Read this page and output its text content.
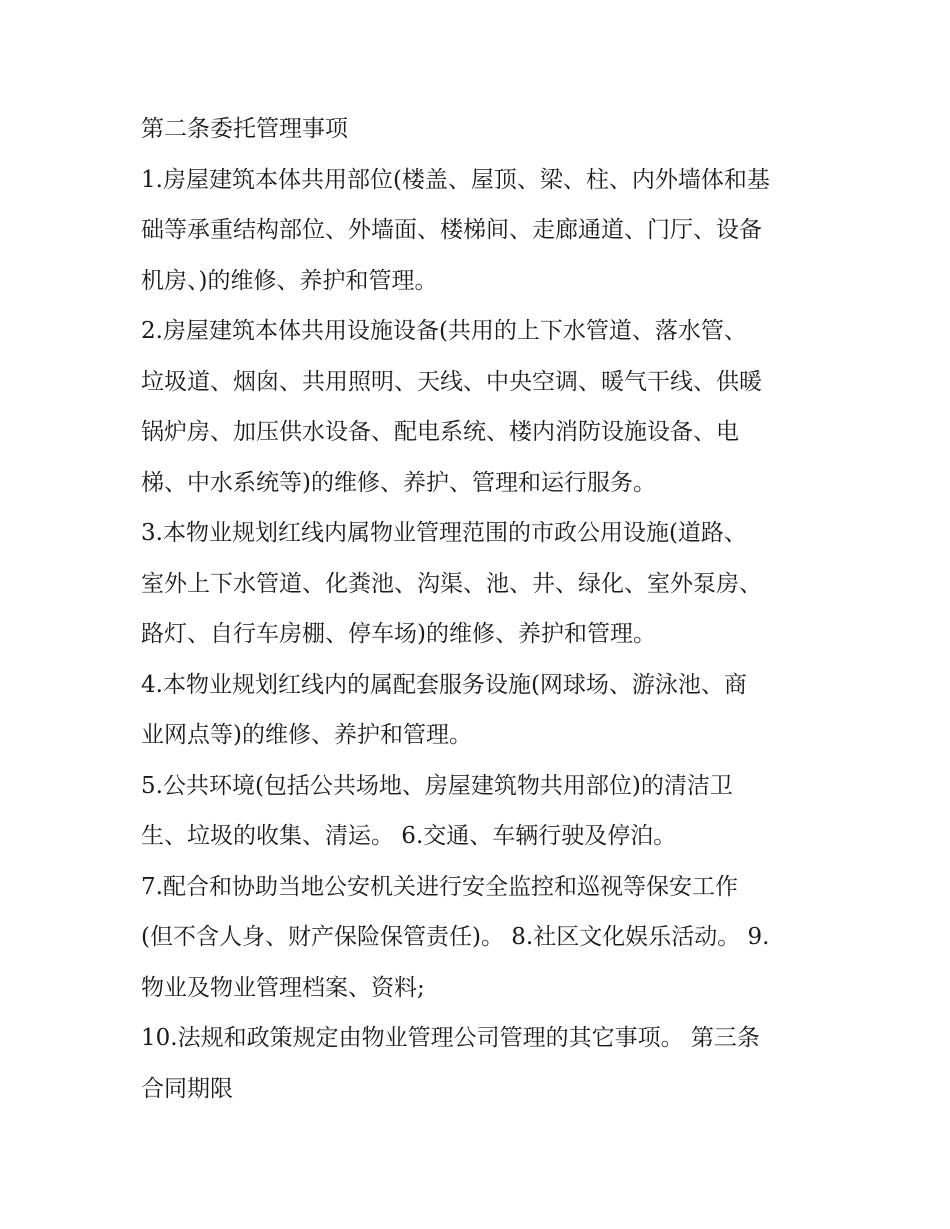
第二条委托管理事项
1.房屋建筑本体共用部位(楼盖、屋顶、梁、柱、内外墙体和基
础等承重结构部位、外墙面、楼梯间、走廊通道、门厅、设备
机房、)的维修、养护和管理。
2.房屋建筑本体共用设施设备(共用的上下水管道、落水管、
垃圾道、烟囱、共用照明、天线、中央空调、暖气干线、供暖
锅炉房、加压供水设备、配电系统、楼内消防设施设备、电
梯、中水系统等)的维修、养护、管理和运行服务。
3.本物业规划红线内属物业管理范围的市政公用设施(道路、
室外上下水管道、化粪池、沟渠、池、井、绿化、室外泵房、
路灯、自行车房棚、停车场)的维修、养护和管理。
4.本物业规划红线内的属配套服务设施(网球场、游泳池、商
业网点等)的维修、养护和管理。
5.公共环境(包括公共场地、房屋建筑物共用部位)的清洁卫
生、垃圾的收集、清运。 6.交通、车辆行驶及停泊。
7.配合和协助当地公安机关进行安全监控和巡视等保安工作
(但不含人身、财产保险保管责任)。 8.社区文化娱乐活动。 9.
物业及物业管理档案、资料;
10.法规和政策规定由物业管理公司管理的其它事项。 第三条
合同期限
